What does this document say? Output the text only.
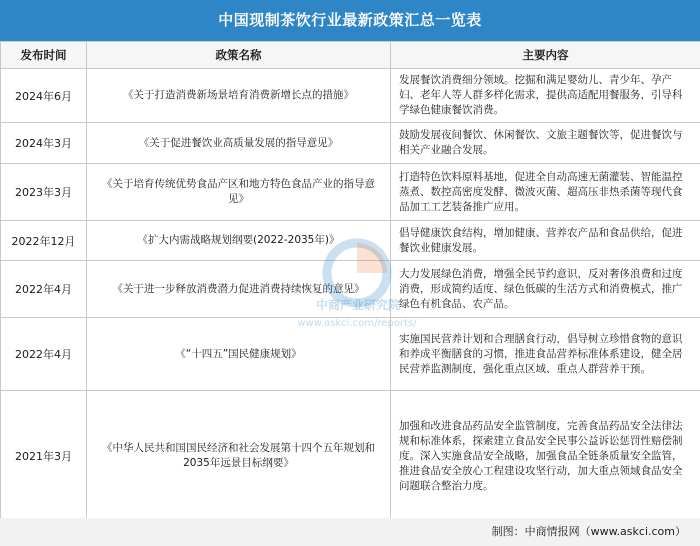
中国现制茶饮行业最新政策汇总一览表
发布时间	政策名称	主要内容
2024年6月	《关于打造消费新场景培育消费新增长点的措施》	发展餐饮消费细分领域。挖掘和满足婴幼儿、青少年、孕产妇、老年人等人群多样化需求，提供高适配用餐服务，引导科学绿色健康餐饮消费。
2024年3月	《关于促进餐饮业高质量发展的指导意见》	鼓励发展夜间餐饮、休闲餐饮、文旅主题餐饮等，促进餐饮与相关产业融合发展。
2023年3月	《关于培育传统优势食品产区和地方特色食品产业的指导意见》	打造特色饮料原料基地，促进全自动高速无菌灌装、智能温控蒸煮、数控高密度发酵、微波灭菌、超高压非热杀菌等现代食品加工工艺装备推广应用。
2022年12月	《扩大内需战略规划纲要(2022-2035年)》	倡导健康饮食结构，增加健康、营养农产品和食品供给，促进餐饮业健康发展。
2022年4月	《关于进一步释放消费潜力促进消费持续恢复的意见》	大力发展绿色消费，增强全民节约意识，反对奢侈浪费和过度消费，形成简约适度、绿色低碳的生活方式和消费模式，推广绿色有机食品、农产品。
2022年4月	《“十四五”国民健康规划》	实施国民营养计划和合理膳食行动，倡导树立珍惜食物的意识和养成平衡膳食的习惯，推进食品营养标准体系建设，健全居民营养监测制度，强化重点区域、重点人群营养干预。
2021年3月	《中华人民共和国国民经济和社会发展第十四个五年规划和2035年远景目标纲要》	加强和改进食品药品安全监管制度，完善食品药品安全法律法规和标准体系，探索建立食品安全民事公益诉讼惩罚性赔偿制度。深入实施食品安全战略，加强食品全链条质量安全监管，推进食品安全放心工程建设攻坚行动，加大重点领域食品安全问题联合整治力度。
中商产业研究院
www.askci.com/reports/
制图：中商情报网（www.askci.com）
